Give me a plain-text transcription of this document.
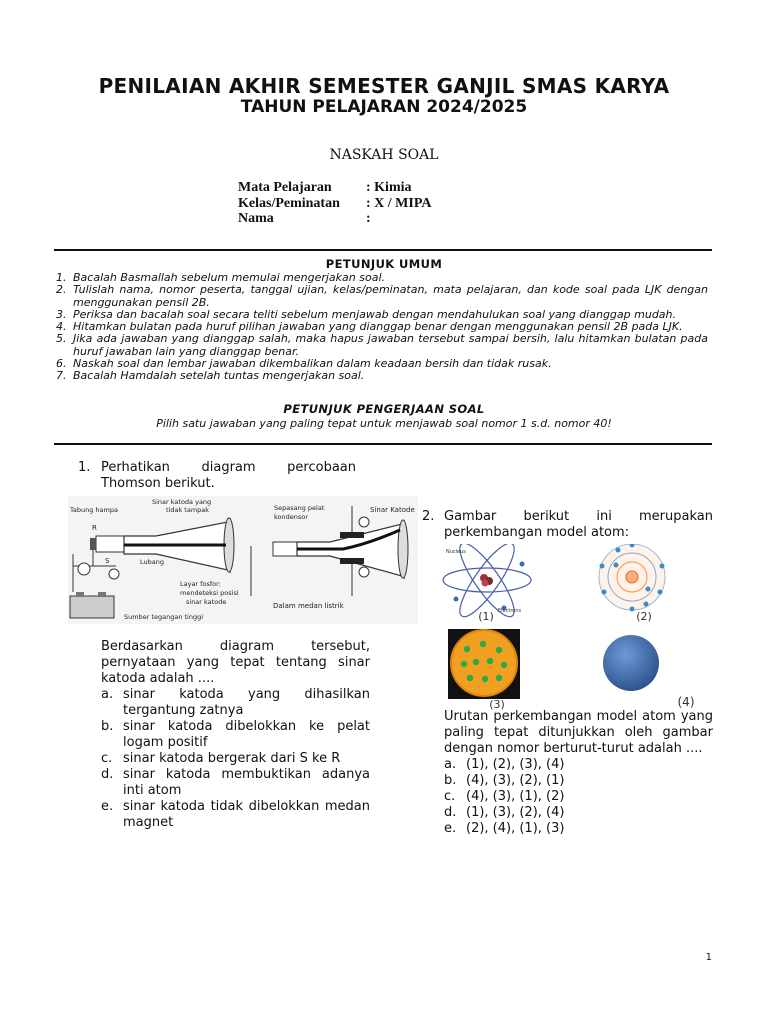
PENILAIAN AKHIR SEMESTER GANJIL SMAS KARYA
TAHUN PELAJARAN 2024/2025
NASKAH SOAL
Mata Pelajaran	: Kimia
Kelas/Peminatan	: X / MIPA
Nama	:
PETUNJUK UMUM
1. Bacalah Basmallah sebelum memulai mengerjakan soal.
2. Tulislah nama, nomor peserta, tanggal ujian, kelas/peminatan, mata pelajaran, dan kode soal pada LJK dengan menggunakan pensil 2B.
3. Periksa dan bacalah soal secara teliti sebelum menjawab dengan mendahulukan soal yang dianggap mudah.
4. Hitamkan bulatan pada huruf pilihan jawaban yang dianggap benar dengan menggunakan pensil 2B pada LJK.
5. Jika ada jawaban yang dianggap salah, maka hapus jawaban tersebut sampai bersih, lalu hitamkan bulatan pada huruf jawaban lain yang dianggap benar.
6. Naskah soal dan lembar jawaban dikembalikan dalam keadaan bersih dan tidak rusak.
7. Bacalah Hamdalah setelah tuntas mengerjakan soal.
PETUNJUK PENGERJAAN SOAL
Pilih satu jawaban yang paling tepat untuk menjawab soal nomor 1 s.d. nomor 40!
1. Perhatikan diagram percobaan
Thomson berikut.
Tabung hampa
Sinar katoda yang
tidak tampak
R
S	Lubang
Layar fosfor:
mendeteksi posisi
sinar katode
Sumber tegangan tinggi
Sepasang pelat
kondensor
Sinar Katode
Dalam medan listrik
Berdasarkan diagram tersebut, pernyataan yang tepat tentang sinar katoda adalah ....
a. sinar katoda yang dihasilkan tergantung zatnya
b. sinar katoda dibelokkan ke pelat logam positif
c. sinar katoda bergerak dari S ke R
d. sinar katoda membuktikan adanya inti atom
e. sinar katoda tidak dibelokkan medan magnet
2. Gambar berikut ini merupakan perkembangan model atom:
Nucleus
Electrons
(1)	(2)
(3)	(4)
Urutan perkembangan model atom yang paling tepat ditunjukkan oleh gambar dengan nomor berturut-turut adalah ....
a. (1), (2), (3), (4)
b. (4), (3), (2), (1)
c. (4), (3), (1), (2)
d. (1), (3), (2), (4)
e. (2), (4), (1), (3)
1
